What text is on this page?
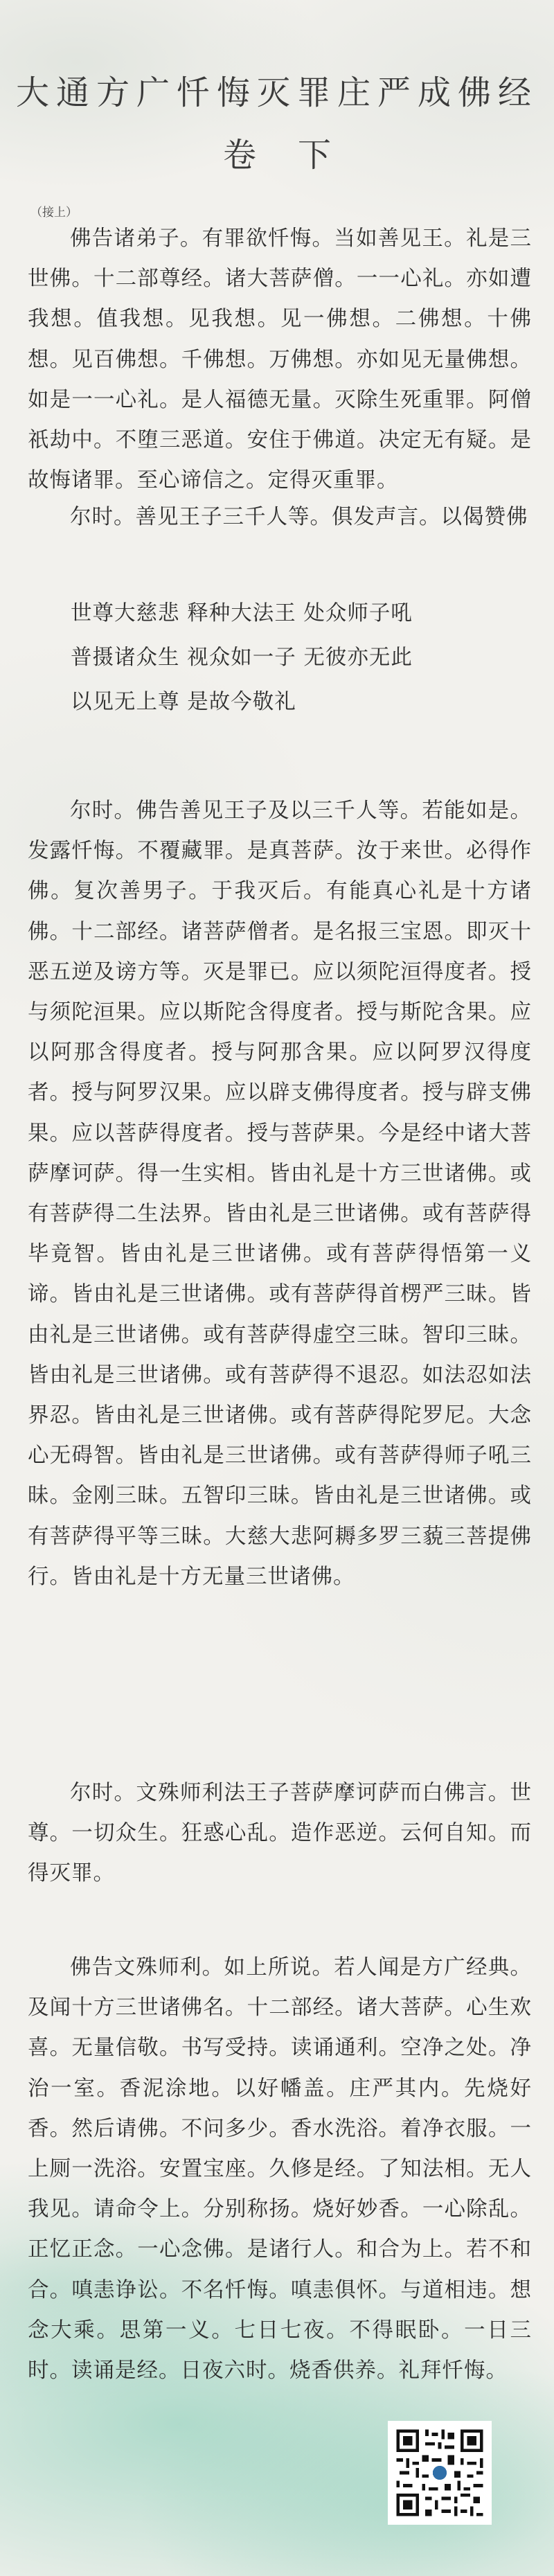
大通方广忏悔灭罪庄严成佛经
卷下
（接上）
佛告诸弟子。有罪欲忏悔。当如善见王。礼是三世佛。十二部尊经。诸大菩萨僧。一一心礼。亦如遭我想。值我想。见我想。见一佛想。二佛想。十佛想。见百佛想。千佛想。万佛想。亦如见无量佛想。如是一一心礼。是人福德无量。灭除生死重罪。阿僧祇劫中。不堕三恶道。安住于佛道。决定无有疑。是故悔诸罪。至心谛信之。定得灭重罪。
尔时。善见王子三千人等。俱发声言。以偈赞佛
世尊大慈悲 释种大法王 处众师子吼
普摄诸众生 视众如一子 无彼亦无此
以见无上尊 是故今敬礼
尔时。佛告善见王子及以三千人等。若能如是。发露忏悔。不覆藏罪。是真菩萨。汝于来世。必得作佛。复次善男子。于我灭后。有能真心礼是十方诸佛。十二部经。诸菩萨僧者。是名报三宝恩。即灭十恶五逆及谤方等。灭是罪已。应以须陀洹得度者。授与须陀洹果。应以斯陀含得度者。授与斯陀含果。应以阿那含得度者。授与阿那含果。应以阿罗汉得度者。授与阿罗汉果。应以辟支佛得度者。授与辟支佛果。应以菩萨得度者。授与菩萨果。今是经中诸大菩萨摩诃萨。得一生实相。皆由礼是十方三世诸佛。或有菩萨得二生法界。皆由礼是三世诸佛。或有菩萨得毕竟智。皆由礼是三世诸佛。或有菩萨得悟第一义谛。皆由礼是三世诸佛。或有菩萨得首楞严三昧。皆由礼是三世诸佛。或有菩萨得虚空三昧。智印三昧。皆由礼是三世诸佛。或有菩萨得不退忍。如法忍如法界忍。皆由礼是三世诸佛。或有菩萨得陀罗尼。大念心无碍智。皆由礼是三世诸佛。或有菩萨得师子吼三昧。金刚三昧。五智印三昧。皆由礼是三世诸佛。或有菩萨得平等三昧。大慈大悲阿耨多罗三藐三菩提佛行。皆由礼是十方无量三世诸佛。
尔时。文殊师利法王子菩萨摩诃萨而白佛言。世尊。一切众生。狂惑心乱。造作恶逆。云何自知。而得灭罪。
佛告文殊师利。如上所说。若人闻是方广经典。及闻十方三世诸佛名。十二部经。诸大菩萨。心生欢喜。无量信敬。书写受持。读诵通利。空净之处。净治一室。香泥涂地。以好幡盖。庄严其内。先烧好香。然后请佛。不问多少。香水洗浴。着净衣服。一上厕一洗浴。安置宝座。久修是经。了知法相。无人我见。请命令上。分别称扬。烧好妙香。一心除乱。正忆正念。一心念佛。是诸行人。和合为上。若不和合。嗔恚诤讼。不名忏悔。嗔恚俱怀。与道相违。想念大乘。思第一义。七日七夜。不得眠卧。一日三时。读诵是经。日夜六时。烧香供养。礼拜忏悔。
